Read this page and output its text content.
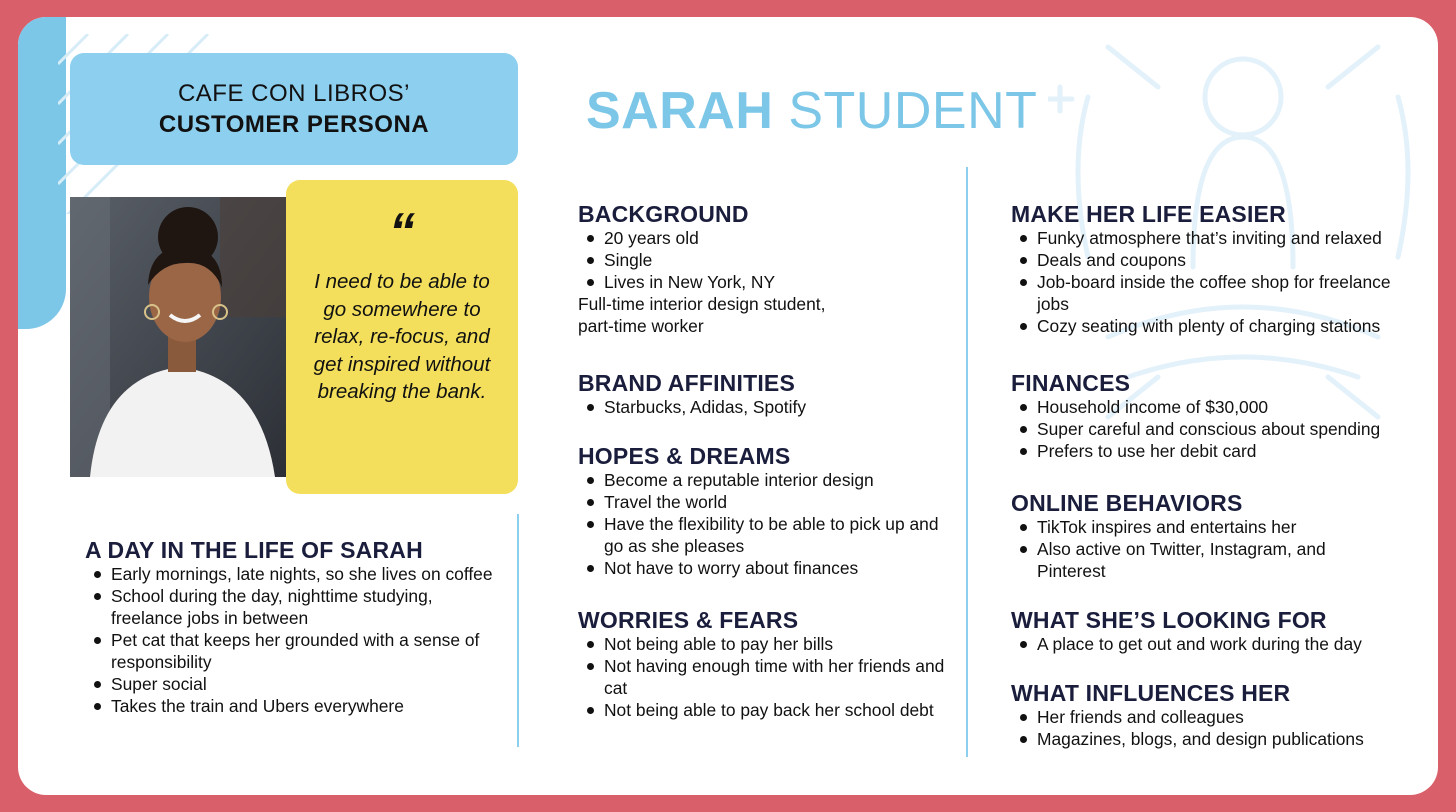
CAFE CON LIBROS’
CUSTOMER PERSONA
“
I need to be able to go somewhere to relax, re-focus, and get inspired without breaking the bank.
SARAH STUDENT
A DAY IN THE LIFE OF SARAH
Early mornings, late nights, so she lives on coffee
School during the day, nighttime studying, freelance jobs in between
Pet cat that keeps her grounded with a sense of responsibility
Super social
Takes the train and Ubers everywhere
BACKGROUND
20 years old
Single
Lives in New York, NY
Full-time interior design student,
part-time worker
BRAND AFFINITIES
Starbucks, Adidas, Spotify
HOPES & DREAMS
Become a reputable interior design
Travel the world
Have the flexibility to be able to pick up and go as she pleases
Not have to worry about finances
WORRIES & FEARS
Not being able to pay her bills
Not having enough time with her friends and cat
Not being able to pay back her school debt
MAKE HER LIFE EASIER
Funky atmosphere that’s inviting and relaxed
Deals and coupons
Job-board inside the coffee shop for freelance jobs
Cozy seating with plenty of charging stations
FINANCES
Household income of $30,000
Super careful and conscious about spending
Prefers to use her debit card
ONLINE BEHAVIORS
TikTok inspires and entertains her
Also active on Twitter, Instagram, and Pinterest
WHAT SHE’S LOOKING FOR
A place to get out and work during the day
WHAT INFLUENCES HER
Her friends and colleagues
Magazines, blogs, and design publications
